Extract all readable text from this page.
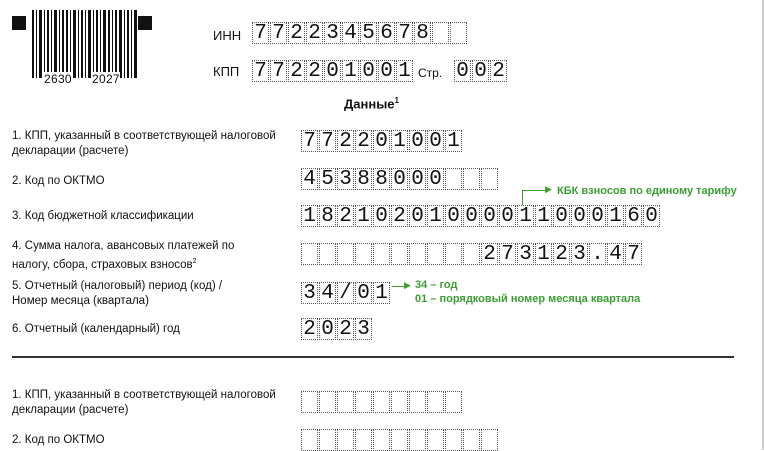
2630 2027
ИНН 7 7 2 2 3 4 5 6 7 8
КПП 7 7 2 2 0 1 0 0 1 Стр. 0 0 2
Данные$^1$
1. КПП, указанный в соответствующей налоговой декларации (расчете)	7 7 2 2 0 1 0 0 1
2. Код по ОКТМО	4 5 3 8 8 0 0 0
3. Код бюджетной классификации	1 8 2 1 0 2 0 1 0 0 0 0 1 1 0 0 0 1 6 0
4. Сумма налога, авансовых платежей по налогу, сбора, страховых взносов$^2$	2 7 3 1 2 3 . 4 7
5. Отчетный (налоговый) период (код) / Номер месяца (квартала)	3 4 / 0 1
6. Отчетный (календарный) год	2 0 2 3
▶ КБК взносов по единому тарифу
▶ 34 – год
01 – порядковый номер месяца квартала
1. КПП, указанный в соответствующей налоговой декларации (расчете)
2. Код по ОКТМО
